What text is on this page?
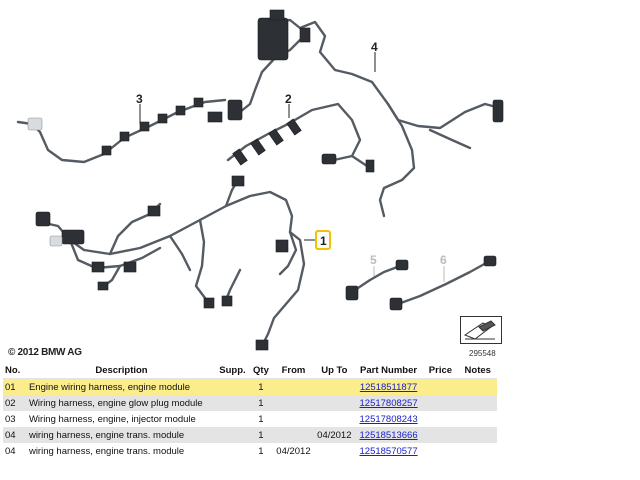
1
2
3
4
5	6
© 2012 BMW AG	295548
No.	Description	Supp.	Qty	From	Up To	Part Number	Price	Notes
01	Engine wiring harness, engine module		1			12518511877		
02	Wiring harness, engine glow plug module		1			12517808257		
03	Wiring harness, engine, injector module		1			12517808243		
04	wiring harness, engine trans. module		1		04/2012	12518513666		
04	wiring harness, engine trans. module		1	04/2012		12518570577		
